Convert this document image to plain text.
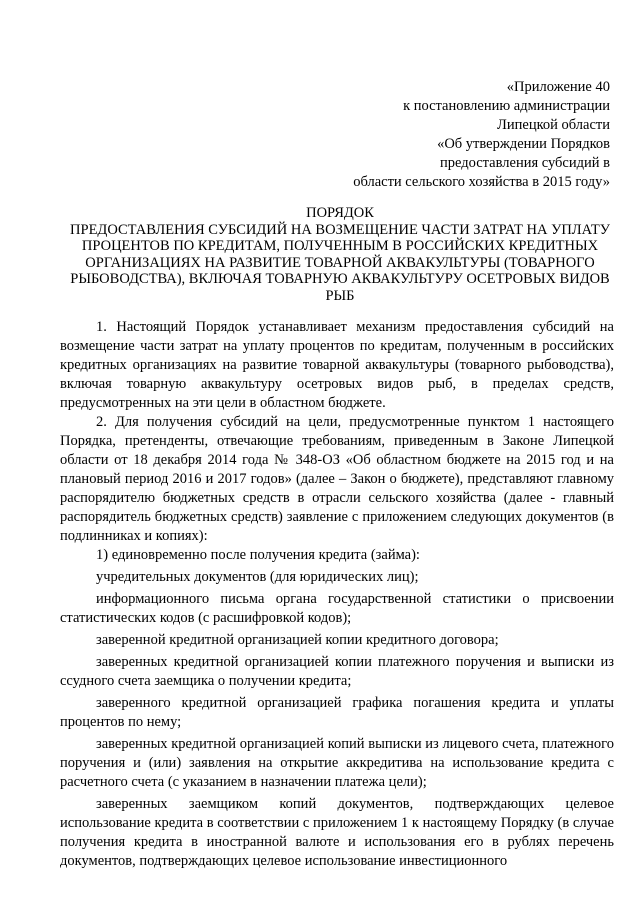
«Приложение 40
к постановлению администрации
Липецкой области
«Об утверждении Порядков
предоставления субсидий в
области сельского хозяйства в 2015 году»
ПОРЯДОК
ПРЕДОСТАВЛЕНИЯ СУБСИДИЙ НА ВОЗМЕЩЕНИЕ ЧАСТИ ЗАТРАТ НА УПЛАТУ
ПРОЦЕНТОВ ПО КРЕДИТАМ, ПОЛУЧЕННЫМ В РОССИЙСКИХ КРЕДИТНЫХ
ОРГАНИЗАЦИЯХ НА РАЗВИТИЕ ТОВАРНОЙ АКВАКУЛЬТУРЫ (ТОВАРНОГО
РЫБОВОДСТВА), ВКЛЮЧАЯ ТОВАРНУЮ АКВАКУЛЬТУРУ ОСЕТРОВЫХ ВИДОВ
РЫБ

1. Настоящий Порядок устанавливает механизм предоставления субсидий на возмещение части затрат на уплату процентов по кредитам, полученным в российских кредитных организациях на развитие товарной аквакультуры (товарного рыбоводства), включая товарную аквакультуру осетровых видов рыб, в пределах средств, предусмотренных на эти цели в областном бюджете.

2. Для получения субсидий на цели, предусмотренные пунктом 1 настоящего Порядка, претенденты, отвечающие требованиям, приведенным в Законе Липецкой области от 18 декабря 2014 года № 348-ОЗ «Об областном бюджете на 2015 год и на плановый период 2016 и 2017 годов» (далее – Закон о бюджете), представляют главному распорядителю бюджетных средств в отрасли сельского хозяйства (далее - главный распорядитель бюджетных средств) заявление с приложением следующих документов (в подлинниках и копиях):

1) единовременно после получения кредита (займа):

учредительных документов (для юридических лиц);

информационного письма органа государственной статистики о присвоении статистических кодов (с расшифровкой кодов);

заверенной кредитной организацией копии кредитного договора;

заверенных кредитной организацией копии платежного поручения и выписки из ссудного счета заемщика о получении кредита;

заверенного кредитной организацией графика погашения кредита и уплаты процентов по нему;

заверенных кредитной организацией копий выписки из лицевого счета, платежного поручения и (или) заявления на открытие аккредитива на использование кредита с расчетного счета (с указанием в назначении платежа цели);

заверенных заемщиком копий документов, подтверждающих целевое использование кредита в соответствии с приложением 1 к настоящему Порядку (в случае получения кредита в иностранной валюте и использования его в рублях перечень документов, подтверждающих целевое использование инвестиционного
